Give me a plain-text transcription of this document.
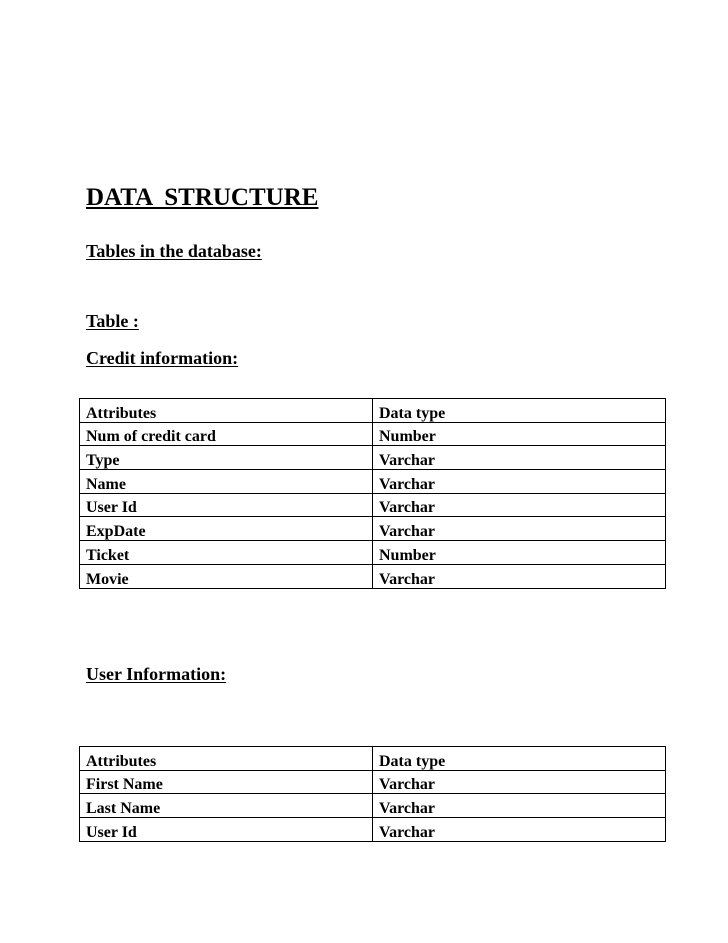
DATA  STRUCTURE

Tables in the database:

Table :

Credit information:

Attributes	Data type
Num of credit card	Number
Type	Varchar
Name	Varchar
User Id	Varchar
ExpDate	Varchar
Ticket	Number
Movie	Varchar

User Information:

Attributes	Data type
First Name	Varchar
Last Name	Varchar
User Id	Varchar
